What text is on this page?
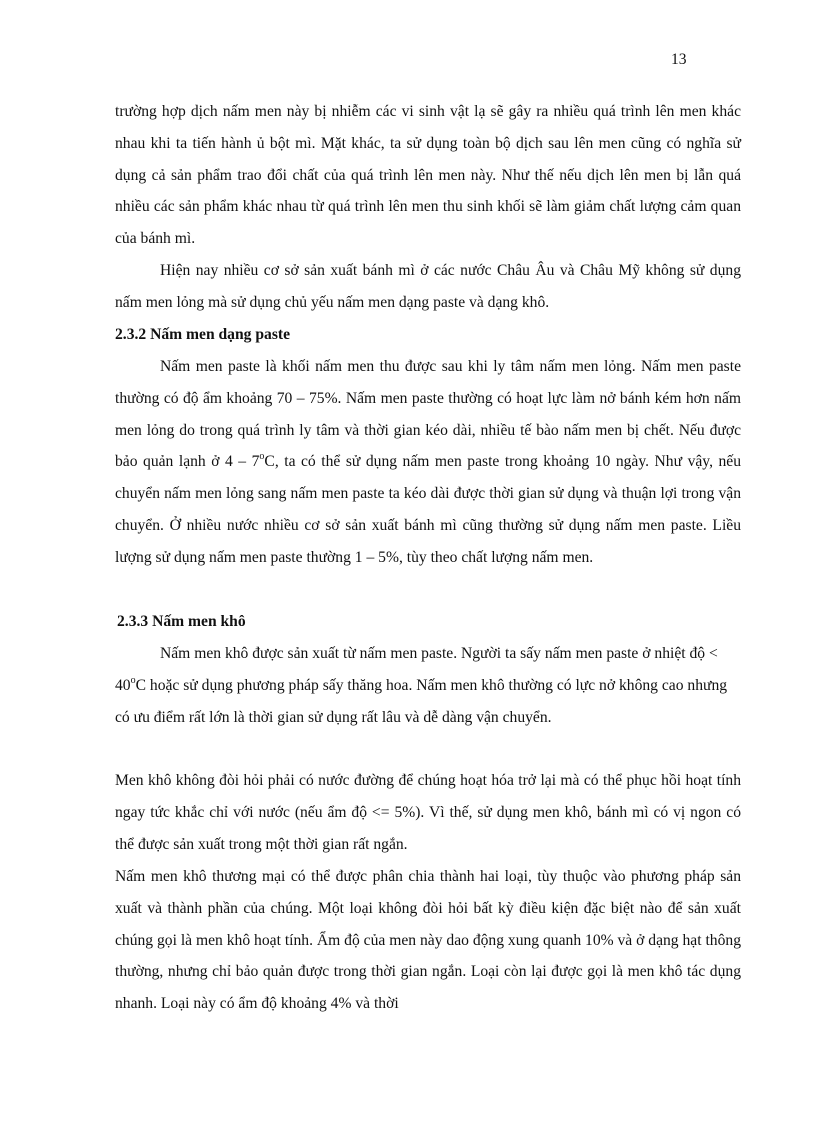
13

trường hợp dịch nấm men này bị nhiễm các vi sinh vật lạ sẽ gây ra nhiều quá trình lên men khác nhau khi ta tiến hành ủ bột mì. Mặt khác, ta sử dụng toàn bộ dịch sau lên men cũng có nghĩa sử dụng cả sản phẩm trao đổi chất của quá trình lên men này. Như thế nếu dịch lên men bị lẫn quá nhiều các sản phẩm khác nhau từ quá trình lên men thu sinh khối sẽ làm giảm chất lượng cảm quan của bánh mì.

Hiện nay nhiều cơ sở sản xuất bánh mì ở các nước Châu Âu và Châu Mỹ không sử dụng nấm men lỏng mà sử dụng chủ yếu nấm men dạng paste và dạng khô.

2.3.2 Nấm men dạng paste

Nấm men paste là khối nấm men thu được sau khi ly tâm nấm men lỏng. Nấm men paste thường có độ ẩm khoảng 70 – 75%. Nấm men paste thường có hoạt lực làm nở bánh kém hơn nấm men lỏng do trong quá trình ly tâm và thời gian kéo dài, nhiều tế bào nấm men bị chết. Nếu được bảo quản lạnh ở 4 – 7$^o$C, ta có thể sử dụng nấm men paste trong khoảng 10 ngày. Như vậy, nếu chuyển nấm men lỏng sang nấm men paste ta kéo dài được thời gian sử dụng và thuận lợi trong vận chuyển. Ở nhiều nước nhiều cơ sở sản xuất bánh mì cũng thường sử dụng nấm men paste. Liều lượng sử dụng nấm men paste thường 1 – 5%, tùy theo chất lượng nấm men.

2.3.3 Nấm men khô

Nấm men khô được sản xuất từ nấm men paste. Người ta sấy nấm men paste ở nhiệt độ < $40^oC$ hoặc sử dụng phương pháp sấy thăng hoa. Nấm men khô thường có lực nở không cao nhưng có ưu điểm rất lớn là thời gian sử dụng rất lâu và dễ dàng vận chuyển.

Men khô không đòi hỏi phải có nước đường để chúng hoạt hóa trở lại mà có thể phục hồi hoạt tính ngay tức khắc chỉ với nước (nếu ẩm độ <= 5%). Vì thế, sử dụng men khô, bánh mì có vị ngon có thể được sản xuất trong một thời gian rất ngắn.

Nấm men khô thương mại có thể được phân chia thành hai loại, tùy thuộc vào phương pháp sản xuất và thành phần của chúng. Một loại không đòi hỏi bất kỳ điều kiện đặc biệt nào để sản xuất chúng gọi là men khô hoạt tính. Ẩm độ của men này dao động xung quanh 10% và ở dạng hạt thông thường, nhưng chỉ bảo quản được trong thời gian ngắn. Loại còn lại được gọi là men khô tác dụng nhanh. Loại này có ẩm độ khoảng 4% và thời
